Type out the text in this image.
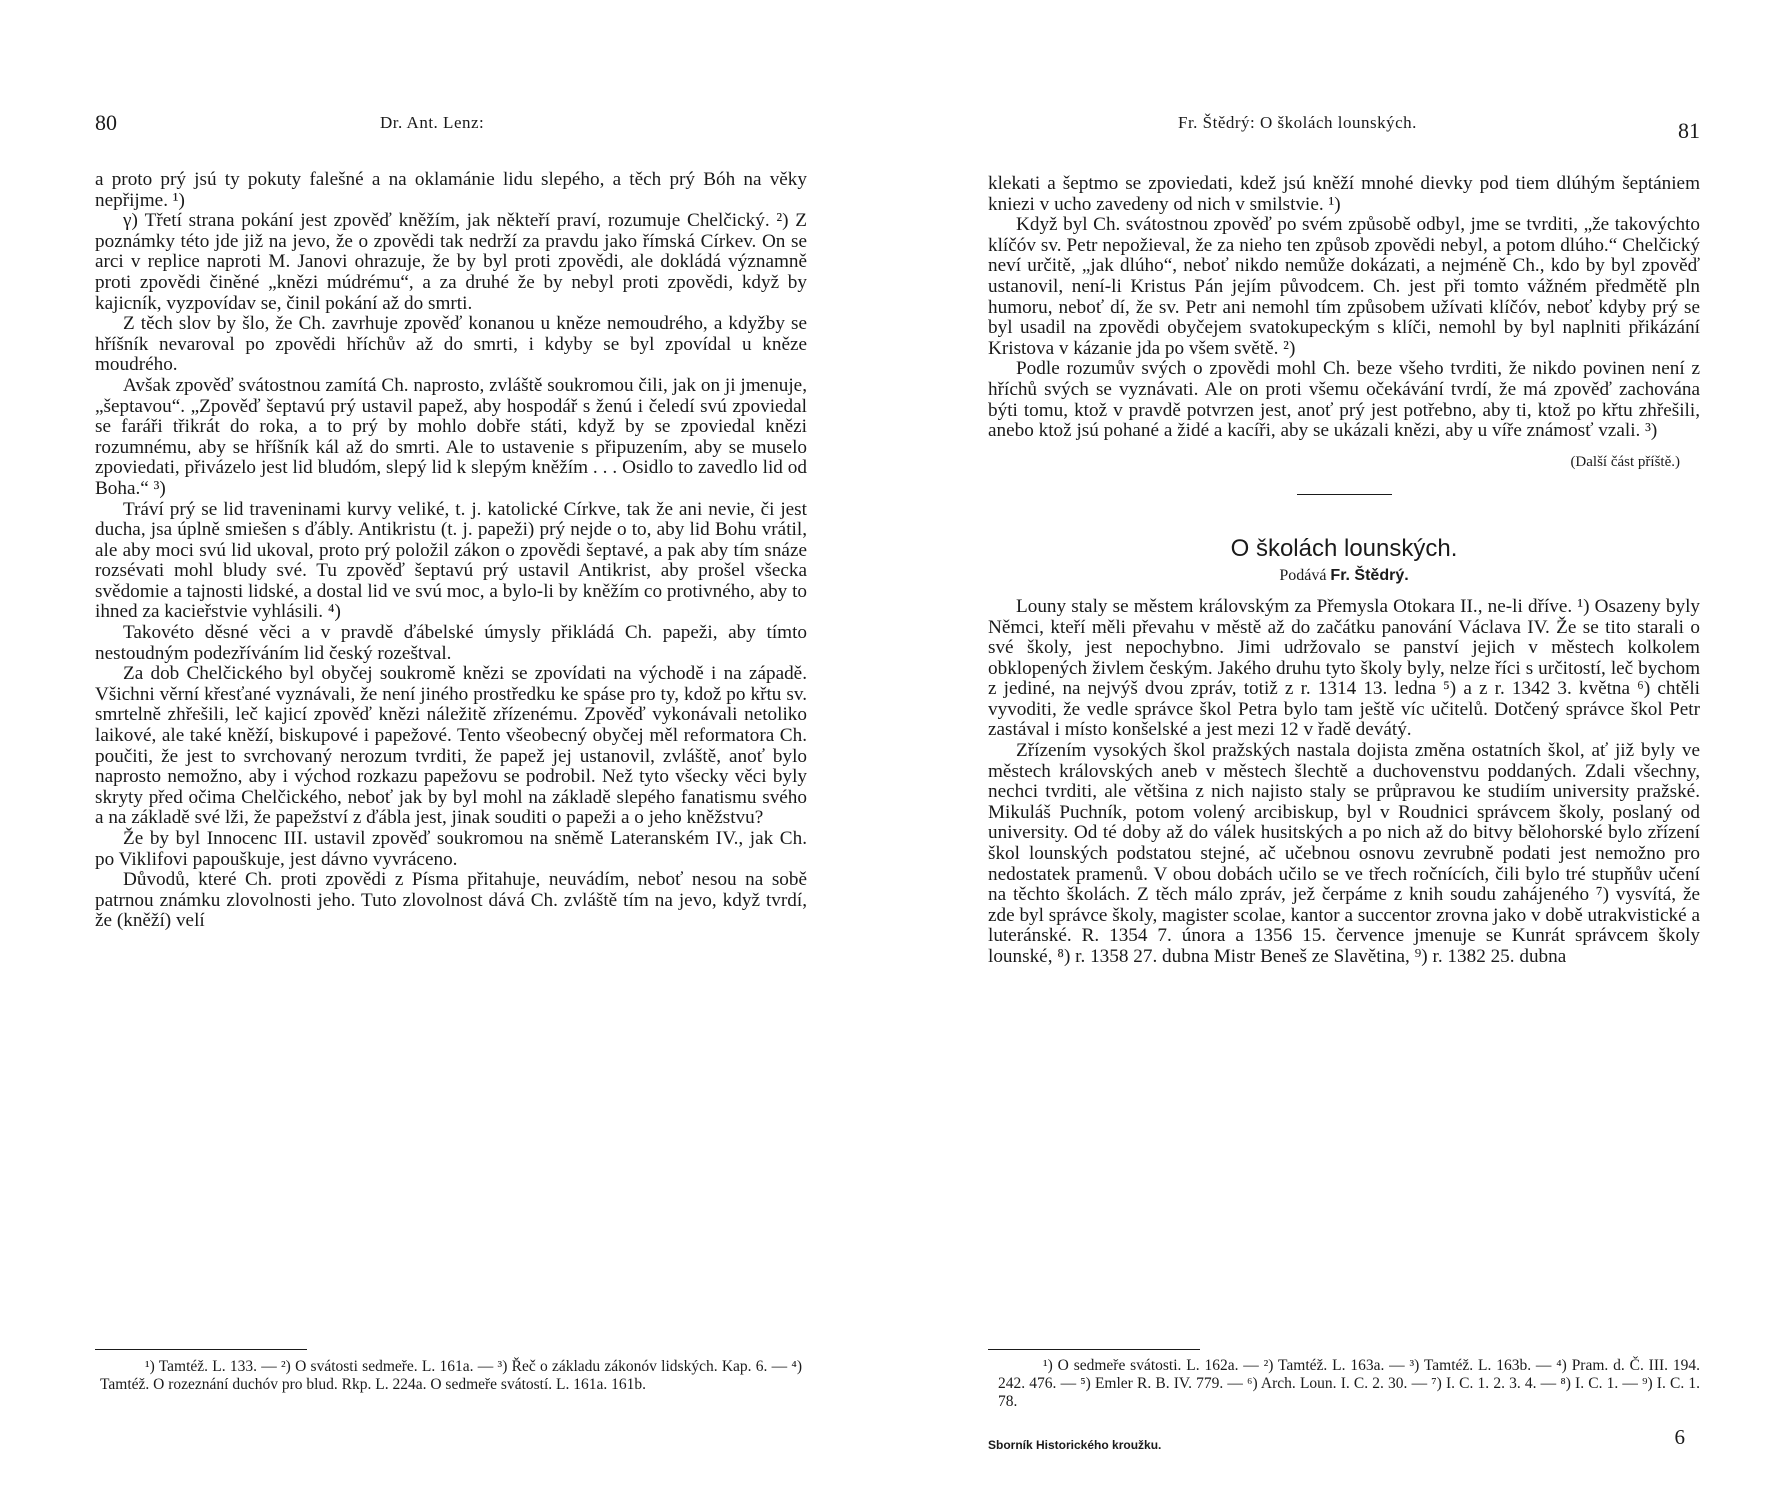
80	Dr. Ant. Lenz:

a proto prý jsú ty pokuty falešné a na oklamánie lidu slepého, a těch prý Bóh na věky nepřijme. ¹)

γ) Třetí strana pokání jest zpověď kněžím, jak někteří praví, rozumuje Chelčický. ²) Z poznámky této jde již na jevo, že o zpovědi tak nedrží za pravdu jako římská Církev. On se arci v replice naproti M. Janovi ohrazuje, že by byl proti zpovědi, ale dokládá významně proti zpovědi činěné „knězi múdrému“, a za druhé že by nebyl proti zpovědi, když by kajicník, vyzpovídav se, činil pokání až do smrti.

Z těch slov by šlo, že Ch. zavrhuje zpověď konanou u kněze nemoudrého, a kdyžby se hříšník nevaroval po zpovědi hříchův až do smrti, i kdyby se byl zpovídal u kněze moudrého.

Avšak zpověď svátostnou zamítá Ch. naprosto, zvláště soukromou čili, jak on ji jmenuje, „šeptavou“. „Zpověď šeptavú prý ustavil papež, aby hospodář s ženú i čeledí svú zpoviedal se faráři třikrát do roka, a to prý by mohlo dobře státi, když by se zpoviedal knězi rozumnému, aby se hříšník kál až do smrti. Ale to ustavenie s připuzením, aby se muselo zpoviedati, přivázelo jest lid bludóm, slepý lid k slepým kněžím . . . Osidlo to zavedlo lid od Boha.“ ³)

Tráví prý se lid traveninami kurvy veliké, t. j. katolické Církve, tak že ani nevie, či jest ducha, jsa úplně smiešen s ďábly. Antikristu (t. j. papeži) prý nejde o to, aby lid Bohu vrátil, ale aby moci svú lid ukoval, proto prý položil zákon o zpovědi šeptavé, a pak aby tím snáze rozsévati mohl bludy své. Tu zpověď šeptavú prý ustavil Antikrist, aby prošel všecka svědomie a tajnosti lidské, a dostal lid ve svú moc, a bylo-li by kněžím co protivného, aby to ihned za kacieřstvie vyhlásili. ⁴)

Takovéto děsné věci a v pravdě ďábelské úmysly přikládá Ch. papeži, aby tímto nestoudným podezříváním lid český rozeštval.

Za dob Chelčického byl obyčej soukromě knězi se zpovídati na východě i na západě. Všichni věrní křesťané vyznávali, že není jiného prostředku ke spáse pro ty, kdož po křtu sv. smrtelně zhřešili, leč kajicí zpověď knězi náležitě zřízenému. Zpověď vykonávali netoliko laikové, ale také kněží, biskupové i papežové. Tento všeobecný obyčej měl reformatora Ch. poučiti, že jest to svrchovaný nerozum tvrditi, že papež jej ustanovil, zvláště, anoť bylo naprosto nemožno, aby i východ rozkazu papežovu se podrobil. Než tyto všecky věci byly skryty před očima Chelčického, neboť jak by byl mohl na základě slepého fanatismu svého a na základě své lži, že papežství z ďábla jest, jinak souditi o papeži a o jeho kněžstvu?

Že by byl Innocenc III. ustavil zpověď soukromou na sněmě Lateranském IV., jak Ch. po Viklifovi papouškuje, jest dávno vyvráceno.

Důvodů, které Ch. proti zpovědi z Písma přitahuje, neuvádím, neboť nesou na sobě patrnou známku zlovolnosti jeho. Tuto zlovolnost dává Ch. zvláště tím na jevo, když tvrdí, že (kněží) velí

¹) Tamtéž. L. 133. — ²) O svátosti sedmeře. L. 161a. — ³) Řeč o základu zákonóv lidských. Kap. 6. — ⁴) Tamtéž. O rozeznání duchóv pro blud. Rkp. L. 224a. O sedmeře svátostí. L. 161a. 161b.

Fr. Štědrý: O školách lounských.	81

klekati a šeptmo se zpoviedati, kdež jsú kněží mnohé dievky pod tiem dlúhým šeptániem kniezi v ucho zavedeny od nich v smilstvie. ¹)

Když byl Ch. svátostnou zpověď po svém způsobě odbyl, jme se tvrditi, „že takovýchto klíčóv sv. Petr nepožieval, že za nieho ten způsob zpovědi nebyl, a potom dlúho.“ Chelčický neví určitě, „jak dlúho“, neboť nikdo nemůže dokázati, a nejméně Ch., kdo by byl zpověď ustanovil, není-li Kristus Pán jejím původcem. Ch. jest při tomto vážném předmětě pln humoru, neboť dí, že sv. Petr ani nemohl tím způsobem užívati klíčóv, neboť kdyby prý se byl usadil na zpovědi obyčejem svatokupeckým s klíči, nemohl by byl naplniti přikázání Kristova v kázanie jda po všem světě. ²)

Podle rozumův svých o zpovědi mohl Ch. beze všeho tvrditi, že nikdo povinen není z hříchů svých se vyznávati. Ale on proti všemu očekávání tvrdí, že má zpověď zachována býti tomu, ktož v pravdě potvrzen jest, anoť prý jest potřebno, aby ti, ktož po křtu zhřešili, anebo ktož jsú pohané a židé a kacíři, aby se ukázali knězi, aby u víře známosť vzali. ³)

(Další část příště.)
O školách lounských.
Podává Fr. Štědrý.

Louny staly se městem královským za Přemysla Otokara II., ne-li dříve. ¹) Osazeny byly Němci, kteří měli převahu v městě až do začátku panování Václava IV. Že se tito starali o své školy, jest nepochybno. Jimi udržovalo se panství jejich v městech kolkolem obklopených živlem českým. Jakého druhu tyto školy byly, nelze říci s určitostí, leč bychom z jediné, na nejvýš dvou zpráv, totiž z r. 1314 13. ledna ⁵) a z r. 1342 3. května ⁶) chtěli vyvoditi, že vedle správce škol Petra bylo tam ještě víc učitelů. Dotčený správce škol Petr zastával i místo konšelské a jest mezi 12 v řadě devátý.

Zřízením vysokých škol pražských nastala dojista změna ostatních škol, ať již byly ve městech královských aneb v městech šlechtě a duchovenstvu poddaných. Zdali všechny, nechci tvrditi, ale většina z nich najisto staly se průpravou ke studiím university pražské. Mikuláš Puchník, potom volený arcibiskup, byl v Roudnici správcem školy, poslaný od university. Od té doby až do válek husitských a po nich až do bitvy bělohorské bylo zřízení škol lounských podstatou stejné, ač učebnou osnovu zevrubně podati jest nemožno pro nedostatek pramenů. V obou dobách učilo se ve třech ročnících, čili bylo tré stupňův učení na těchto školách. Z těch málo zpráv, jež čerpáme z knih soudu zahájeného ⁷) vysvítá, že zde byl správce školy, magister scolae, kantor a succentor zrovna jako v době utrakvistické a luteránské. R. 1354 7. února a 1356 15. července jmenuje se Kunrát správcem školy lounské, ⁸) r. 1358 27. dubna Mistr Beneš ze Slavětina, ⁹) r. 1382 25. dubna

¹) O sedmeře svátosti. L. 162a. — ²) Tamtéž. L. 163a. — ³) Tamtéž. L. 163b. — ⁴) Pram. d. Č. III. 194. 242. 476. — ⁵) Emler R. B. IV. 779. — ⁶) Arch. Loun. I. C. 2. 30. — ⁷) I. C. 1. 2. 3. 4. — ⁸) I. C. 1. — ⁹) I. C. 1. 78.

Sborník Historického kroužku.	6
